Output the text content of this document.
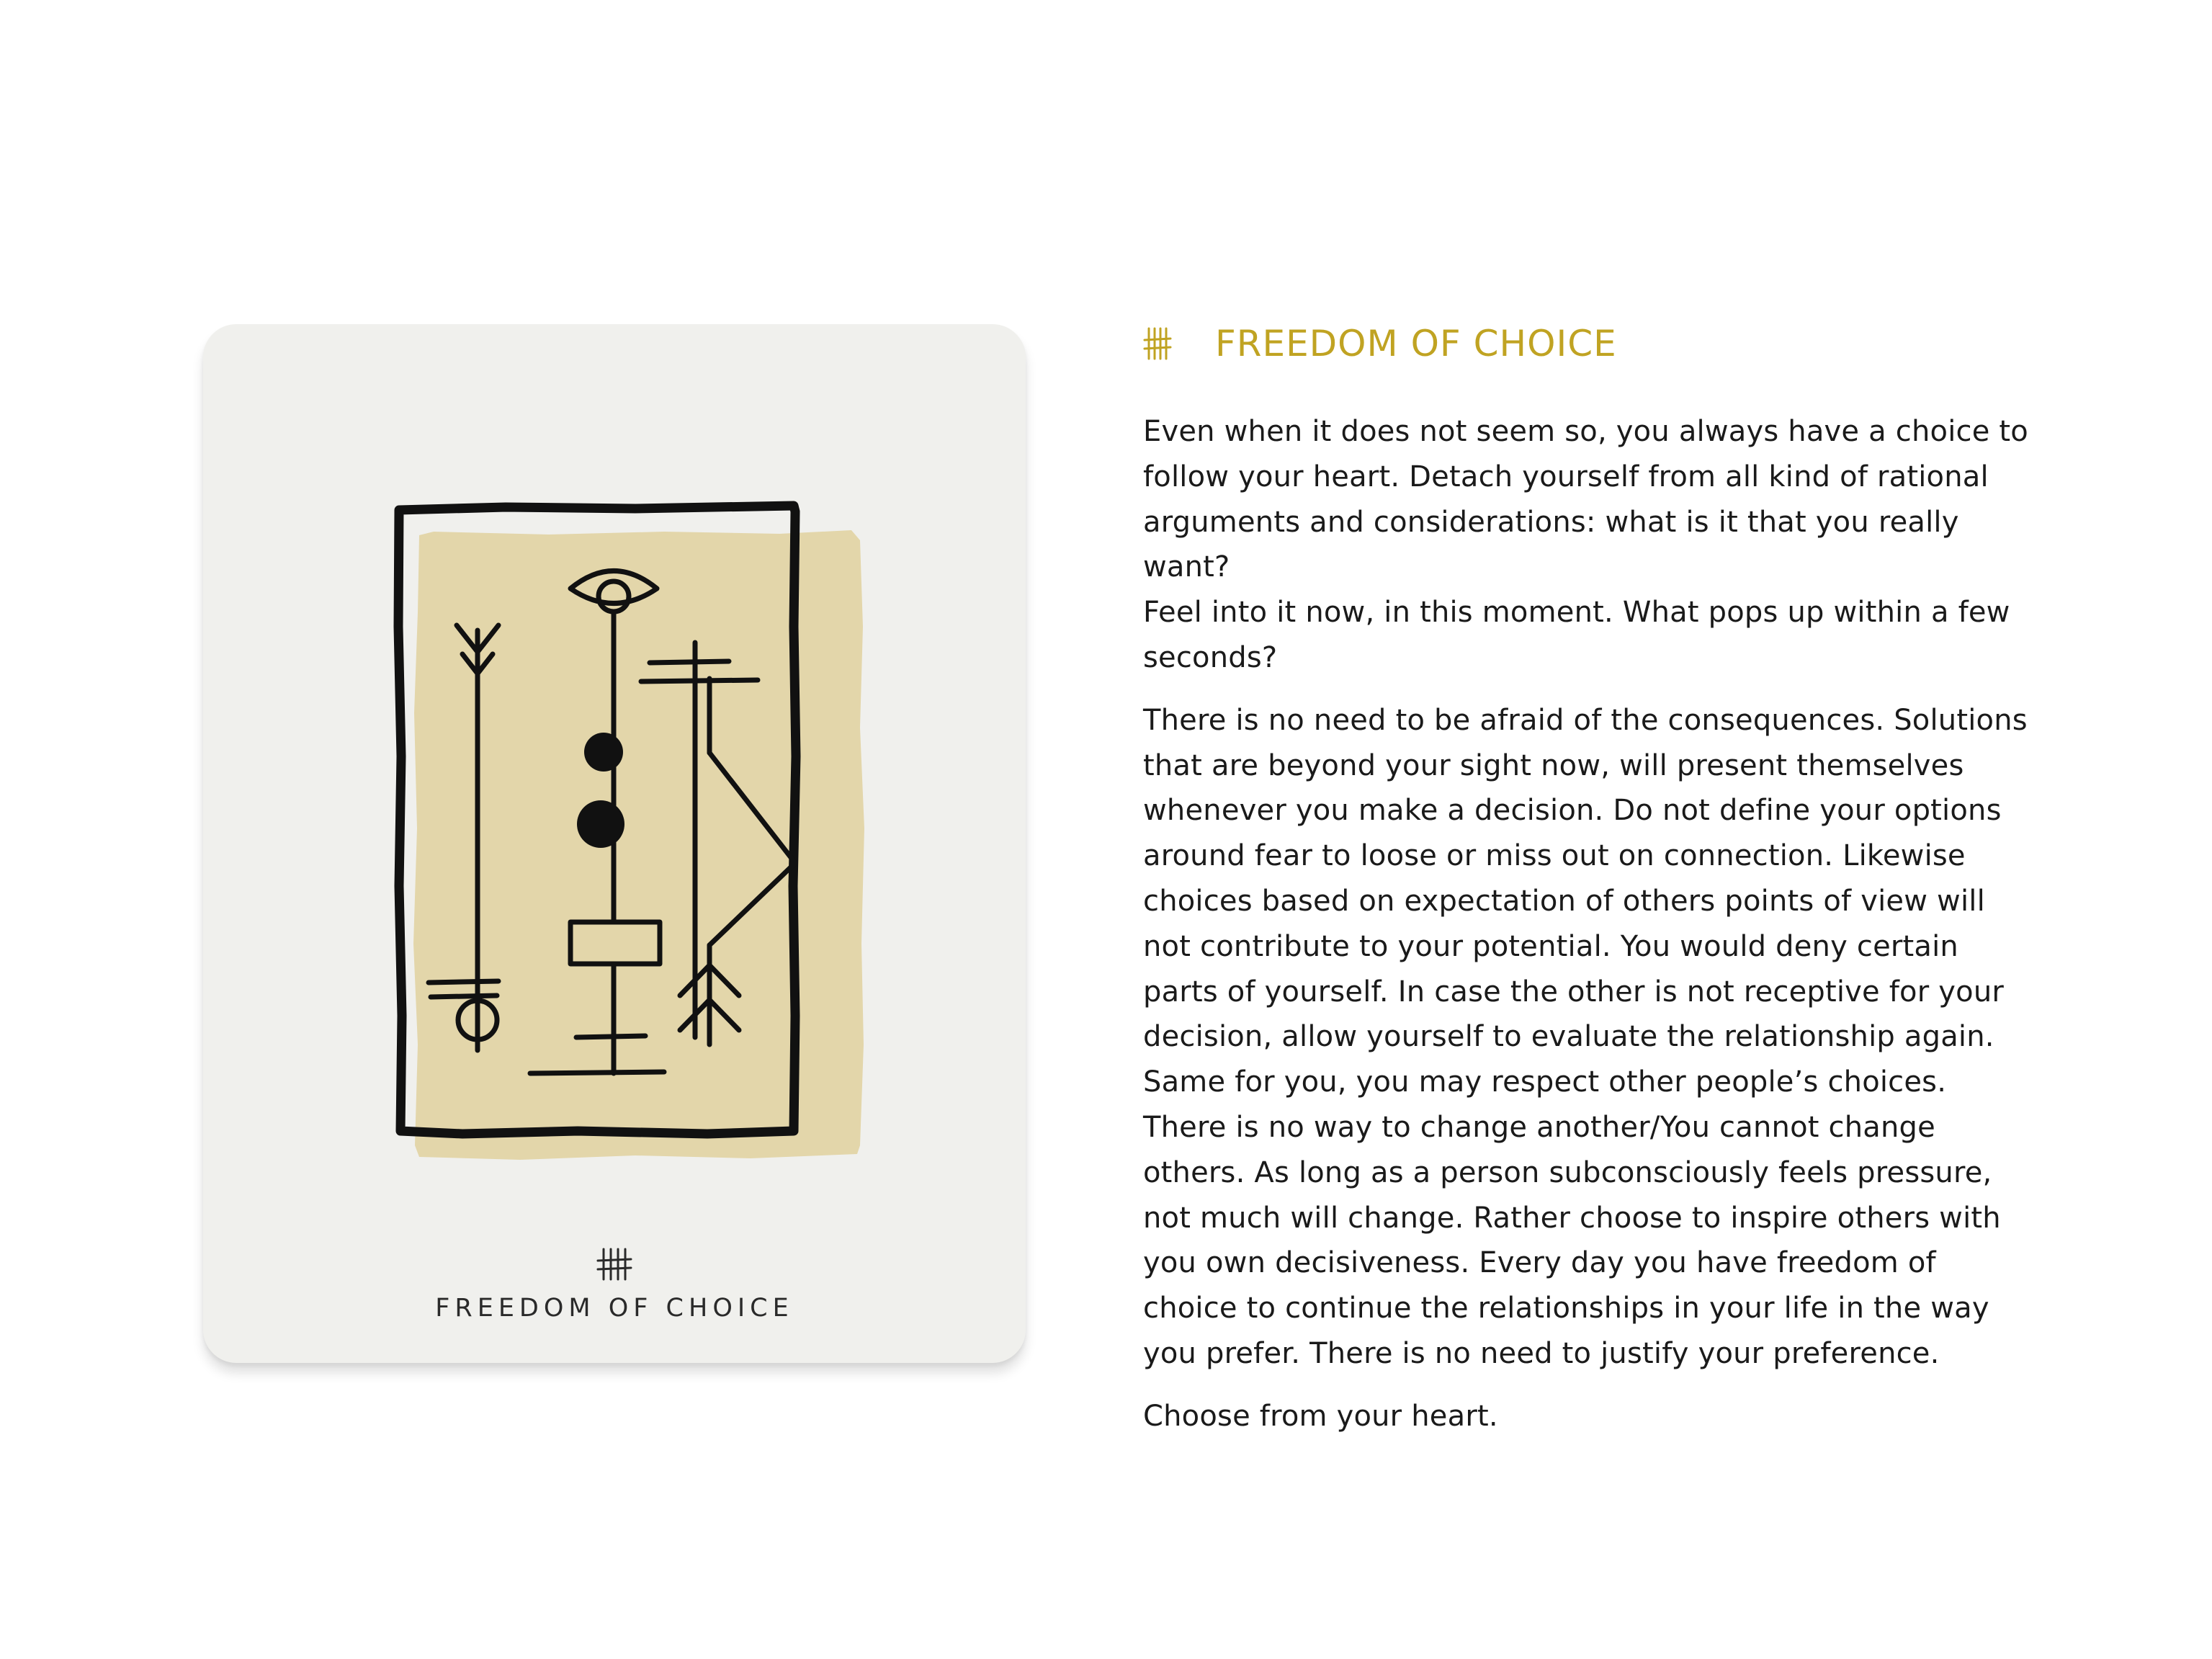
FREEDOM OF CHOICE
FREEDOM OF CHOICE

Even when it does not seem so, you always have a choice to
follow your heart. Detach yourself from all kind of rational
arguments and considerations: what is it that you really want?
Feel into it now, in this moment. What pops up within a few
seconds?

There is no need to be afraid of the consequences. Solutions
that are beyond your sight now, will present themselves
whenever you make a decision. Do not define your options
around fear to loose or miss out on connection. Likewise
choices based on expectation of others points of view will
not contribute to your potential. You would deny certain
parts of yourself. In case the other is not receptive for your
decision, allow yourself to evaluate the relationship again.
Same for you, you may respect other people’s choices.
There is no way to change another/You cannot change
others. As long as a person subconsciously feels pressure,
not much will change. Rather choose to inspire others with
you own decisiveness. Every day you have freedom of
choice to continue the relationships in your life in the way
you prefer. There is no need to justify your preference.

Choose from your heart.
